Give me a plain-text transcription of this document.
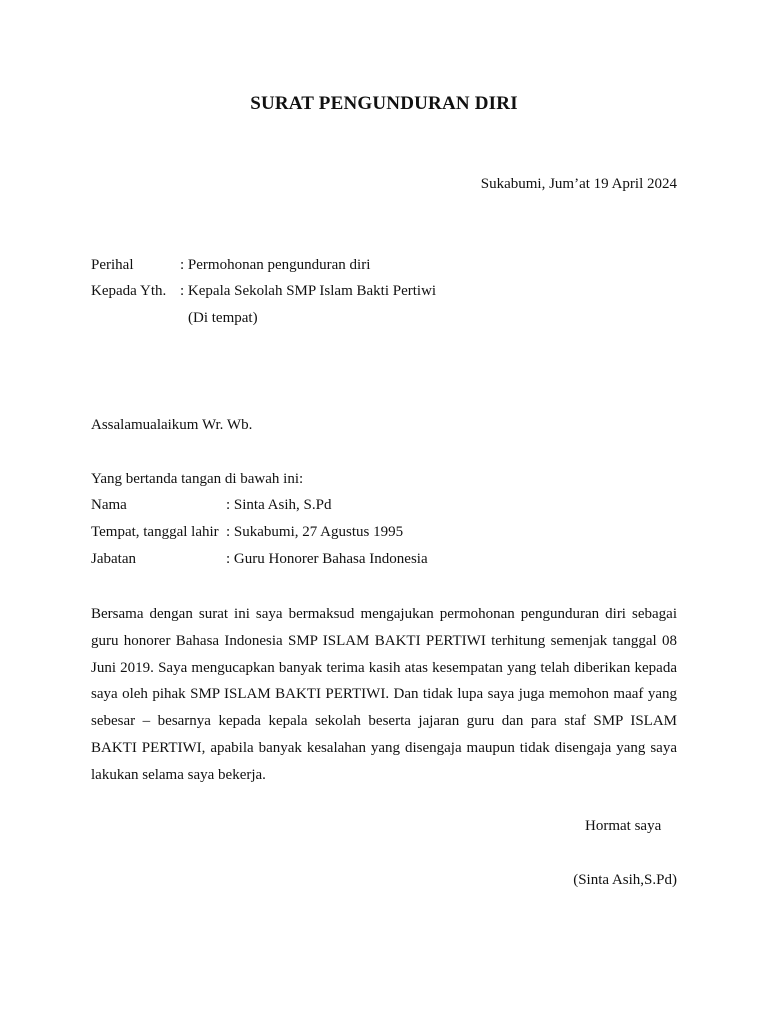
SURAT PENGUNDURAN DIRI
Sukabumi, Jum’at 19 April 2024
Perihal	: Permohonan pengunduran diri
Kepada Yth. : Kepala Sekolah SMP Islam Bakti Pertiwi
(Di tempat)
Assalamualaikum Wr. Wb.
Yang bertanda tangan di bawah ini:
Nama	: Sinta Asih, S.Pd
Tempat, tanggal lahir : Sukabumi, 27 Agustus 1995
Jabatan	: Guru Honorer Bahasa Indonesia
Bersama dengan surat ini saya bermaksud mengajukan permohonan pengunduran diri sebagai guru honorer Bahasa Indonesia SMP ISLAM BAKTI PERTIWI terhitung semenjak tanggal 08 Juni 2019. Saya mengucapkan banyak terima kasih atas kesempatan yang telah diberikan kepada saya oleh pihak SMP ISLAM BAKTI PERTIWI. Dan tidak lupa saya juga memohon maaf yang sebesar – besarnya kepada kepala sekolah beserta jajaran guru dan para staf SMP ISLAM BAKTI PERTIWI, apabila banyak kesalahan yang disengaja maupun tidak disengaja yang saya lakukan selama saya bekerja.
Hormat saya
(Sinta Asih,S.Pd)
